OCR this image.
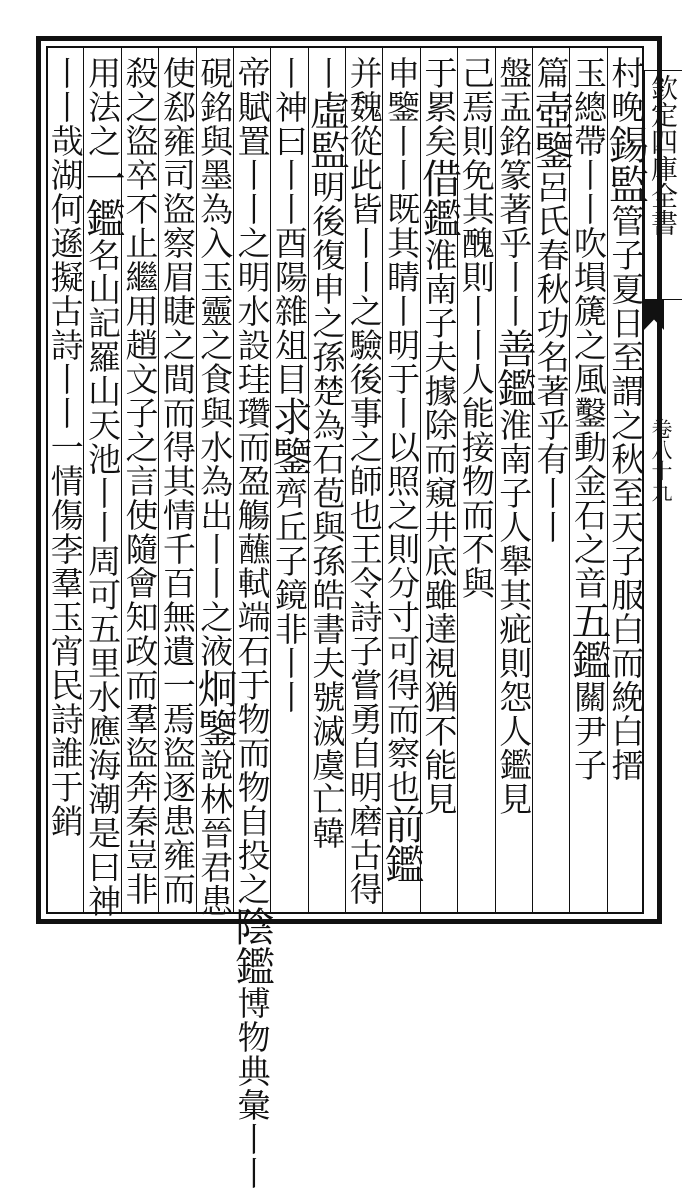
欽定四庫全書
卷八十九
村晚錫監管子夏日至謂之秋至天子服白而絻白搢
玉總帶丨丨吹塤篪之風鑿動金石之音五鑑關尹子
篇壺鑒呂氏春秋功名著乎有丨丨
盤盂銘篆著乎丨丨善鑑淮南子人舉其疵則怨人鑑見
己焉則免其醜則丨丨人能接物而不與
于累矣借鑑淮南子夫據除而窺井底雖達視猶不能見
申鑒丨丨既其睛丨明于丨以照之則分寸可得而察也前鑑
并魏從此皆丨丨之驗後事之師也王令詩子嘗勇自明磨古得
丨虛監明後復申之孫楚為石苞與孫皓書夫號滅虞亡韓
丨神曰丨丨酉陽雜俎目求鑒齊丘子鏡非丨丨
帝賦置丨丨之明水設珪瓚而盈觴蘸軾端石于物而物自投之陰鑑博物典彙丨丨
硯銘與墨為入玉靈之食與水為出丨丨之液炯鑒說林晉君患
使郄雍司盜察眉睫之間而得其情千百無遺一焉盜逐患雍而
殺之盜卒不止繼用趙文子之言使隨會知政而羣盜奔秦豈非
用法之一鑑名山記羅山天池丨丨周可五里水應海潮是曰神
丨丨哉湖何遜擬古詩丨丨一情傷李羣玉宵民詩誰于銷
